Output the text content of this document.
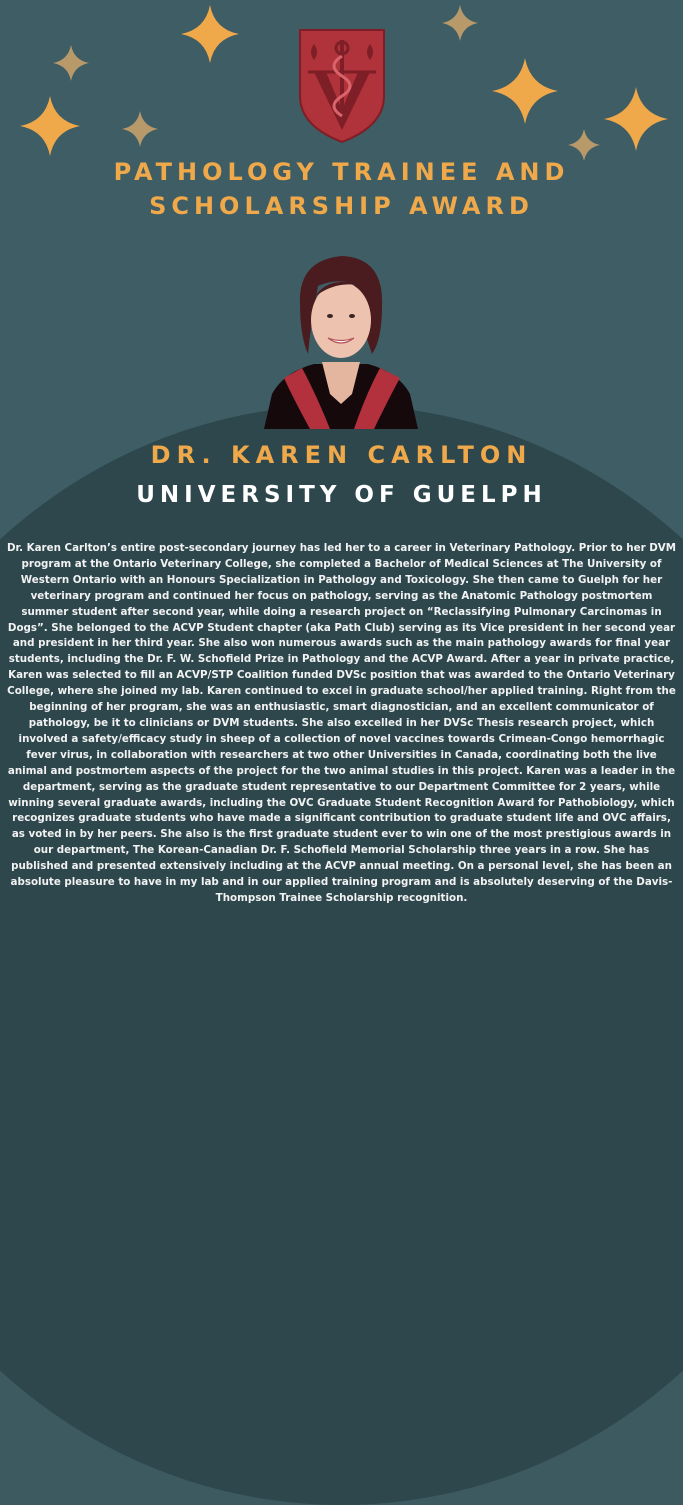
PATHOLOGY TRAINEE AND
SCHOLARSHIP AWARD
DR. KAREN CARLTON
UNIVERSITY OF GUELPH

Dr. Karen Carlton’s entire post-secondary journey has led her to a career in Veterinary Pathology. Prior to her DVM program at the Ontario Veterinary College, she completed a Bachelor of Medical Sciences at The University of Western Ontario with an Honours Specialization in Pathology and Toxicology. She then came to Guelph for her veterinary program and continued her focus on pathology, serving as the Anatomic Pathology postmortem summer student after second year, while doing a research project on “Reclassifying Pulmonary Carcinomas in Dogs”. She belonged to the ACVP Student chapter (aka Path Club) serving as its Vice president in her second year and president in her third year. She also won numerous awards such as the main pathology awards for final year students, including the Dr. F. W. Schofield Prize in Pathology and the ACVP Award. After a year in private practice, Karen was selected to fill an ACVP/STP Coalition funded DVSc position that was awarded to the Ontario Veterinary College, where she joined my lab. Karen continued to excel in graduate school/her applied training. Right from the beginning of her program, she was an enthusiastic, smart diagnostician, and an excellent communicator of pathology, be it to clinicians or DVM students. She also excelled in her DVSc Thesis research project, which involved a safety/efficacy study in sheep of a collection of novel vaccines towards Crimean-Congo hemorrhagic fever virus, in collaboration with researchers at two other Universities in Canada, coordinating both the live animal and postmortem aspects of the project for the two animal studies in this project. Karen was a leader in the department, serving as the graduate student representative to our Department Committee for 2 years, while winning several graduate awards, including the OVC Graduate Student Recognition Award for Pathobiology, which recognizes graduate students who have made a significant contribution to graduate student life and OVC affairs, as voted in by her peers. She also is the first graduate student ever to win one of the most prestigious awards in our department, The Korean-Canadian Dr. F. Schofield Memorial Scholarship three years in a row. She has published and presented extensively including at the ACVP annual meeting. On a personal level, she has been an absolute pleasure to have in my lab and in our applied training program and is absolutely deserving of the Davis-Thompson Trainee Scholarship recognition.
